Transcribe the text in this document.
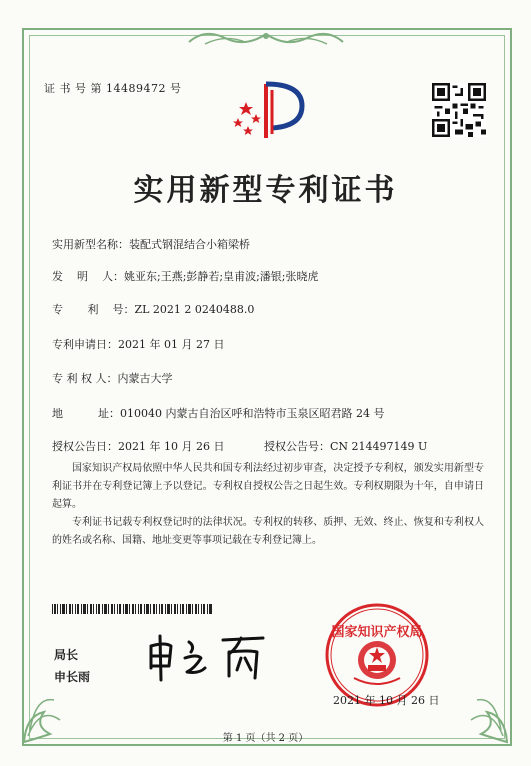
证 书 号 第 14489472 号
实用新型专利证书
实用新型名称：装配式钢混结合小箱梁桥
发    明    人：姚亚东;王燕;彭静若;皇甫波;潘银;张晓虎
专       利    号：ZL 2021 2 0240488.0
专利申请日：2021 年 01 月 27 日
专 利 权 人：内蒙古大学
地          址：010040 内蒙古自治区呼和浩特市玉泉区昭君路 24 号
授权公告日：2021 年 10 月 26 日	授权公告号：CN 214497149 U
国家知识产权局依照中华人民共和国专利法经过初步审查，决定授予专利权，颁发实用新型专利证书并在专利登记簿上予以登记。专利权自授权公告之日起生效。专利权期限为十年，自申请日起算。
专利证书记载专利权登记时的法律状况。专利权的转移、质押、无效、终止、恢复和专利权人的姓名或名称、国籍、地址变更等事项记载在专利登记簿上。
局长
申长雨
国家知识产权局
2021 年 10 月 26 日
第 1 页（共 2 页）
